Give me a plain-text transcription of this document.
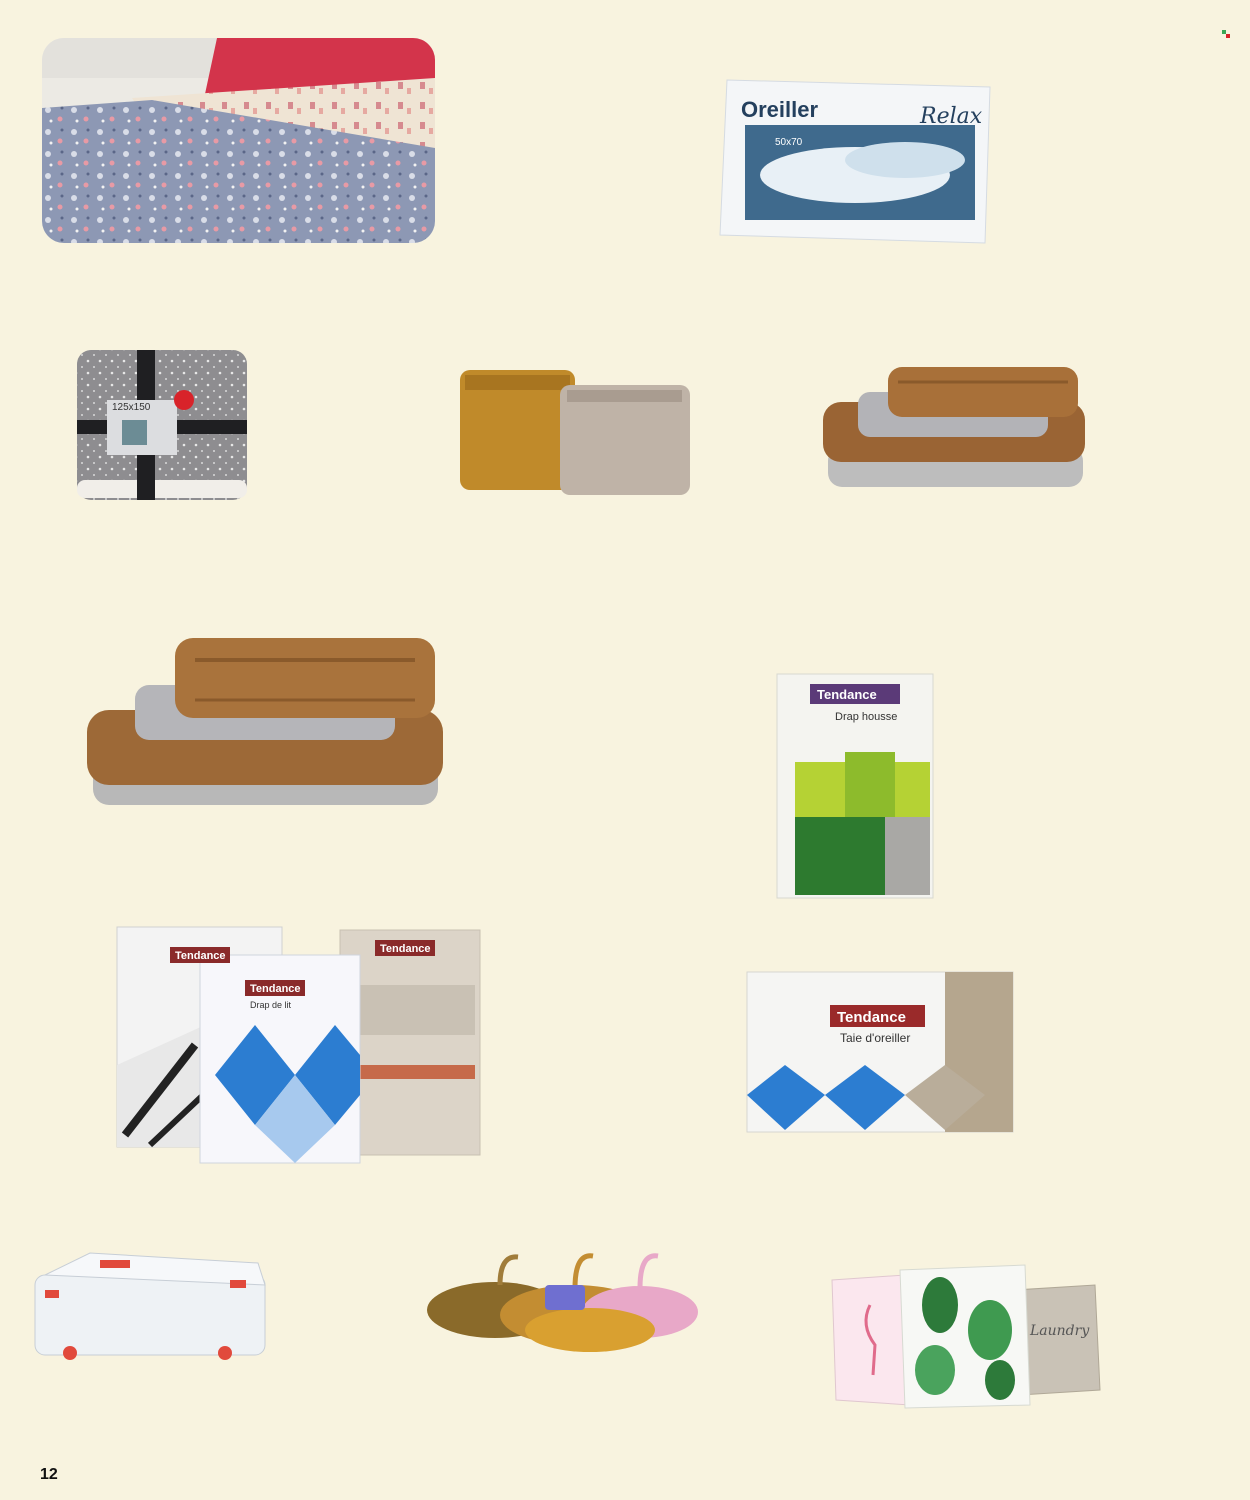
Oreiller	Relax
50x70

125x150

Tendance
Drap housse

Tendance
Tendance
Drap de lit
Tendance

Tendance
Taie d'oreiller

Laundry

12
